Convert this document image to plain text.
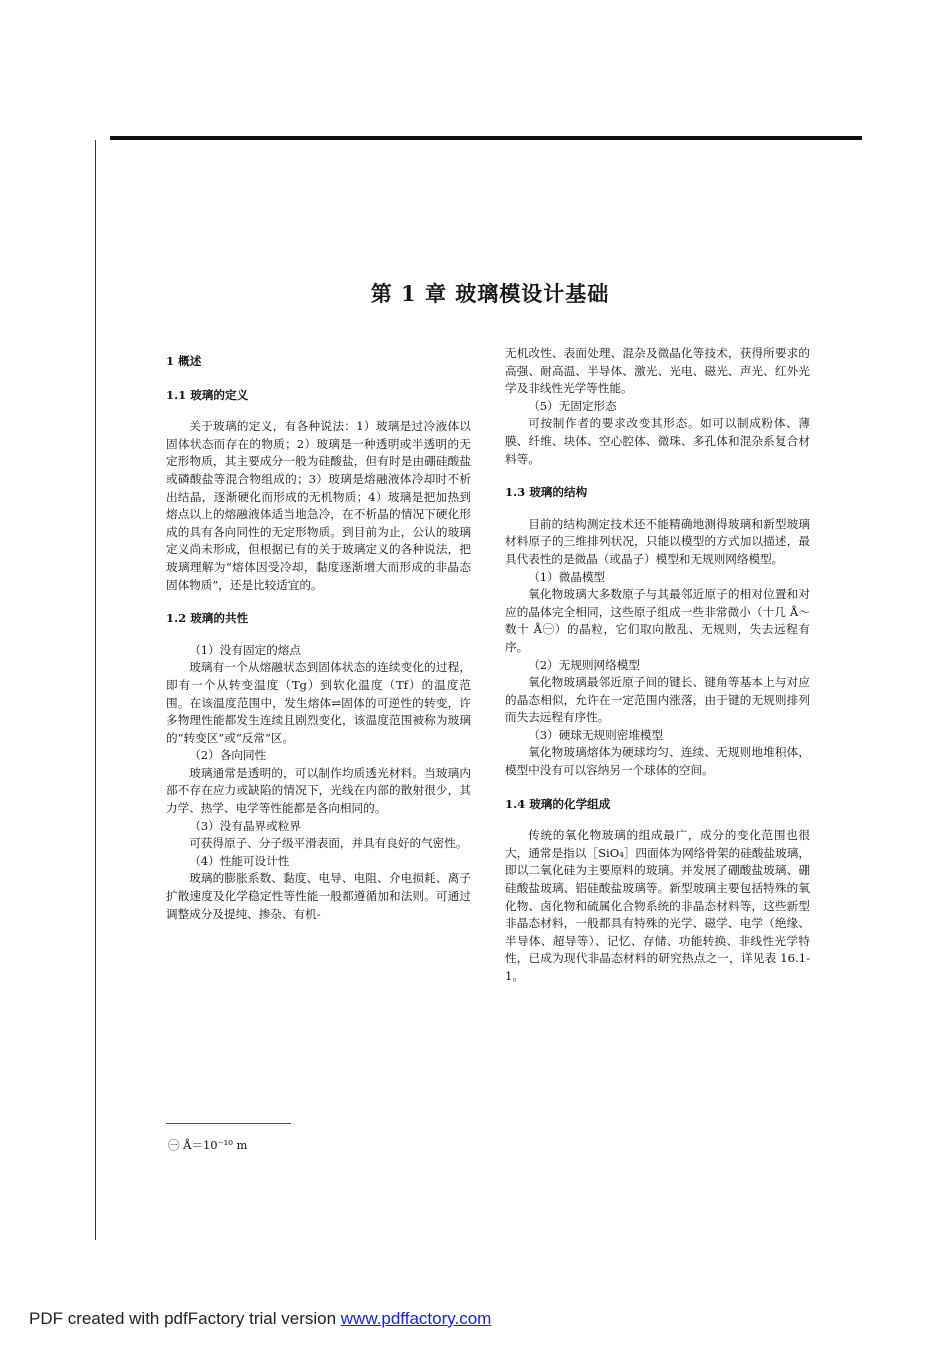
第 1 章 玻璃模设计基础

1 概述

1.1 玻璃的定义

关于玻璃的定义，有各种说法：1）玻璃是过冷液体以固体状态而存在的物质；2）玻璃是一种透明或半透明的无定形物质，其主要成分一般为硅酸盐，但有时是由硼硅酸盐或磷酸盐等混合物组成的；3）玻璃是熔融液体冷却时不析出结晶，逐渐硬化而形成的无机物质；4）玻璃是把加热到熔点以上的熔融液体适当地急冷，在不析晶的情况下硬化形成的具有各向同性的无定形物质。到目前为止，公认的玻璃定义尚未形成，但根据已有的关于玻璃定义的各种说法，把玻璃理解为“熔体因受冷却，黏度逐渐增大而形成的非晶态固体物质”，还是比较适宜的。

1.2 玻璃的共性

（1）没有固定的熔点

玻璃有一个从熔融状态到固体状态的连续变化的过程，即有一个从转变温度（Tg）到软化温度（Tf）的温度范围。在该温度范围中，发生熔体⇌固体的可逆性的转变，许多物理性能都发生连续且剧烈变化，该温度范围被称为玻璃的“转变区”或“反常”区。

（2）各向同性

玻璃通常是透明的，可以制作均质透光材料。当玻璃内部不存在应力或缺陷的情况下，光线在内部的散射很少，其力学、热学、电学等性能都是各向相同的。

（3）没有晶界或粒界

可获得原子、分子级平滑表面，并具有良好的气密性。

（4）性能可设计性

玻璃的膨胀系数、黏度、电导、电阻、介电损耗、离子扩散速度及化学稳定性等性能一般都遵循加和法则。可通过调整成分及提纯、掺杂、有机-

无机改性、表面处理、混杂及微晶化等技术，获得所要求的高强、耐高温、半导体、激光、光电、磁光、声光、红外光学及非线性光学等性能。

（5）无固定形态

可按制作者的要求改变其形态。如可以制成粉体、薄膜、纤维、块体、空心腔体、微珠、多孔体和混杂系复合材料等。

1.3 玻璃的结构

目前的结构测定技术还不能精确地测得玻璃和新型玻璃材料原子的三维排列状况，只能以模型的方式加以描述，最具代表性的是微晶（或晶子）模型和无规则网络模型。

（1）微晶模型

氧化物玻璃大多数原子与其最邻近原子的相对位置和对应的晶体完全相同，这些原子组成一些非常微小（十几 Å～数十 Å㊀）的晶粒，它们取向散乱、无规则，失去远程有序。

（2）无规则网络模型

氧化物玻璃最邻近原子间的键长、键角等基本上与对应的晶态相似，允许在一定范围内涨落，由于键的无规则排列而失去远程有序性。

（3）硬球无规则密堆模型

氧化物玻璃熔体为硬球均匀、连续、无规则地堆积体，模型中没有可以容纳另一个球体的空间。

1.4 玻璃的化学组成

传统的氧化物玻璃的组成最广，成分的变化范围也很大，通常是指以［SiO₄］四面体为网络骨架的硅酸盐玻璃，即以二氧化硅为主要原料的玻璃。并发展了硼酸盐玻璃、硼硅酸盐玻璃、铝硅酸盐玻璃等。新型玻璃主要包括特殊的氧化物、卤化物和硫属化合物系统的非晶态材料等，这些新型非晶态材料，一般都具有特殊的光学、磁学、电学（绝缘、半导体、超导等）、记忆、存储、功能转换、非线性光学特性，已成为现代非晶态材料的研究热点之一，详见表 16.1-1。

㊀ Å＝10⁻¹⁰ m

PDF created with pdfFactory trial version www.pdffactory.com
